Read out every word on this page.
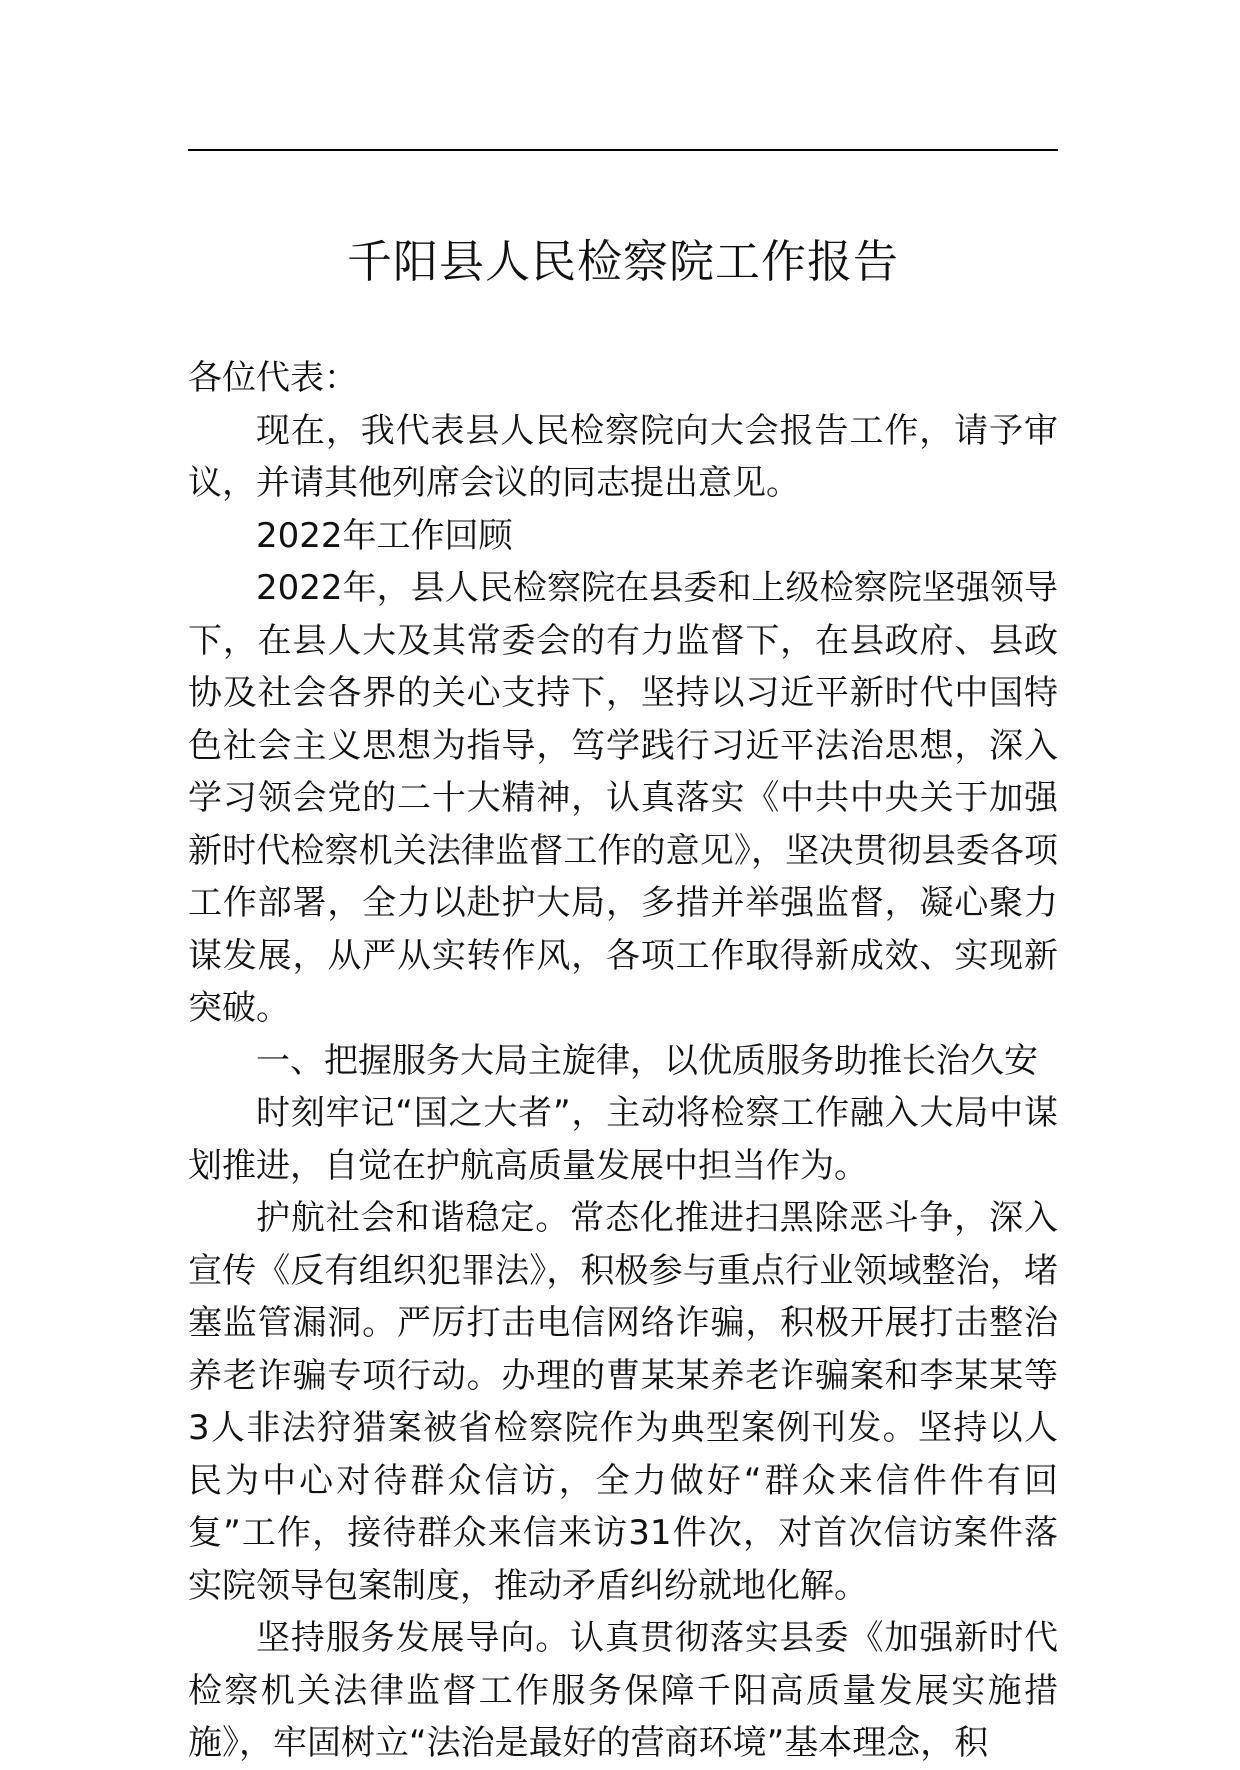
千阳县人民检察院工作报告

各位代表：

现在，我代表县人民检察院向大会报告工作，请予审议，并请其他列席会议的同志提出意见。

2022年工作回顾

2022年，县人民检察院在县委和上级检察院坚强领导下，在县人大及其常委会的有力监督下，在县政府、县政协及社会各界的关心支持下，坚持以习近平新时代中国特色社会主义思想为指导，笃学践行习近平法治思想，深入学习领会党的二十大精神，认真落实《中共中央关于加强新时代检察机关法律监督工作的意见》，坚决贯彻县委各项工作部署，全力以赴护大局，多措并举强监督，凝心聚力谋发展，从严从实转作风，各项工作取得新成效、实现新突破。

一、把握服务大局主旋律，以优质服务助推长治久安

时刻牢记“国之大者”，主动将检察工作融入大局中谋划推进，自觉在护航高质量发展中担当作为。

护航社会和谐稳定。常态化推进扫黑除恶斗争，深入宣传《反有组织犯罪法》，积极参与重点行业领域整治，堵塞监管漏洞。严厉打击电信网络诈骗，积极开展打击整治养老诈骗专项行动。办理的曹某某养老诈骗案和李某某等3人非法狩猎案被省检察院作为典型案例刊发。坚持以人民为中心对待群众信访，全力做好“群众来信件件有回复”工作，接待群众来信来访31件次，对首次信访案件落实院领导包案制度，推动矛盾纠纷就地化解。

坚持服务发展导向。认真贯彻落实县委《加强新时代检察机关法律监督工作服务保障千阳高质量发展实施措施》，牢固树立“法治是最好的营商环境”基本理念，积
